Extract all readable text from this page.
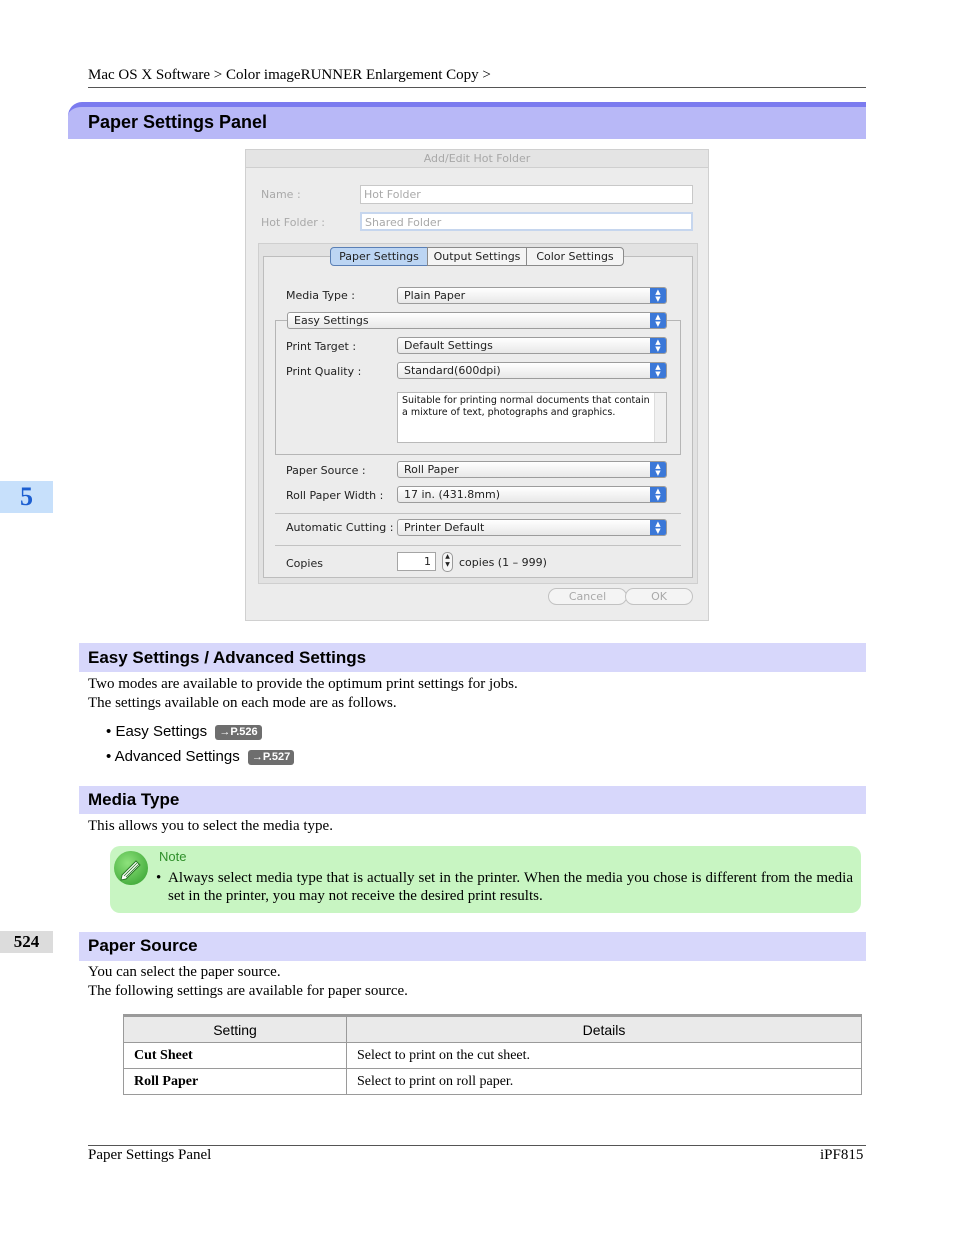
Mac OS X Software > Color imageRUNNER Enlargement Copy >
Paper Settings Panel
5
524
Add/Edit Hot Folder
Name :	Hot Folder
Hot Folder :	Shared Folder
Paper Settings	Output Settings	Color Settings
Media Type :	Plain Paper	▲
▼
Easy Settings	▲
▼
Print Target :	Default Settings	▲
▼
Print Quality :	Standard(600dpi)	▲
▼
Suitable for printing normal documents that contain a mixture of text, photographs and graphics.
Paper Source :	Roll Paper	▲
▼
Roll Paper Width :	17 in. (431.8mm)	▲
▼
Automatic Cutting : Printer Default	▲
▼
Copies	1	▲
▼ copies (1 – 999)
Cancel	OK
Easy Settings / Advanced Settings
Two modes are available to provide the optimum print settings for jobs.
The settings available on each mode are as follows.
• Easy Settings →P.526
• Advanced Settings →P.527
Media Type
This allows you to select the media type.
Note
• Always select media type that is actually set in the printer. When the media you chose is different from the media set in the printer, you may not receive the desired print results.
Paper Source
You can select the paper source.
The following settings are available for paper source.
Setting	Details
Cut Sheet	Select to print on the cut sheet.
Roll Paper	Select to print on roll paper.
Paper Settings Panel	iPF815
